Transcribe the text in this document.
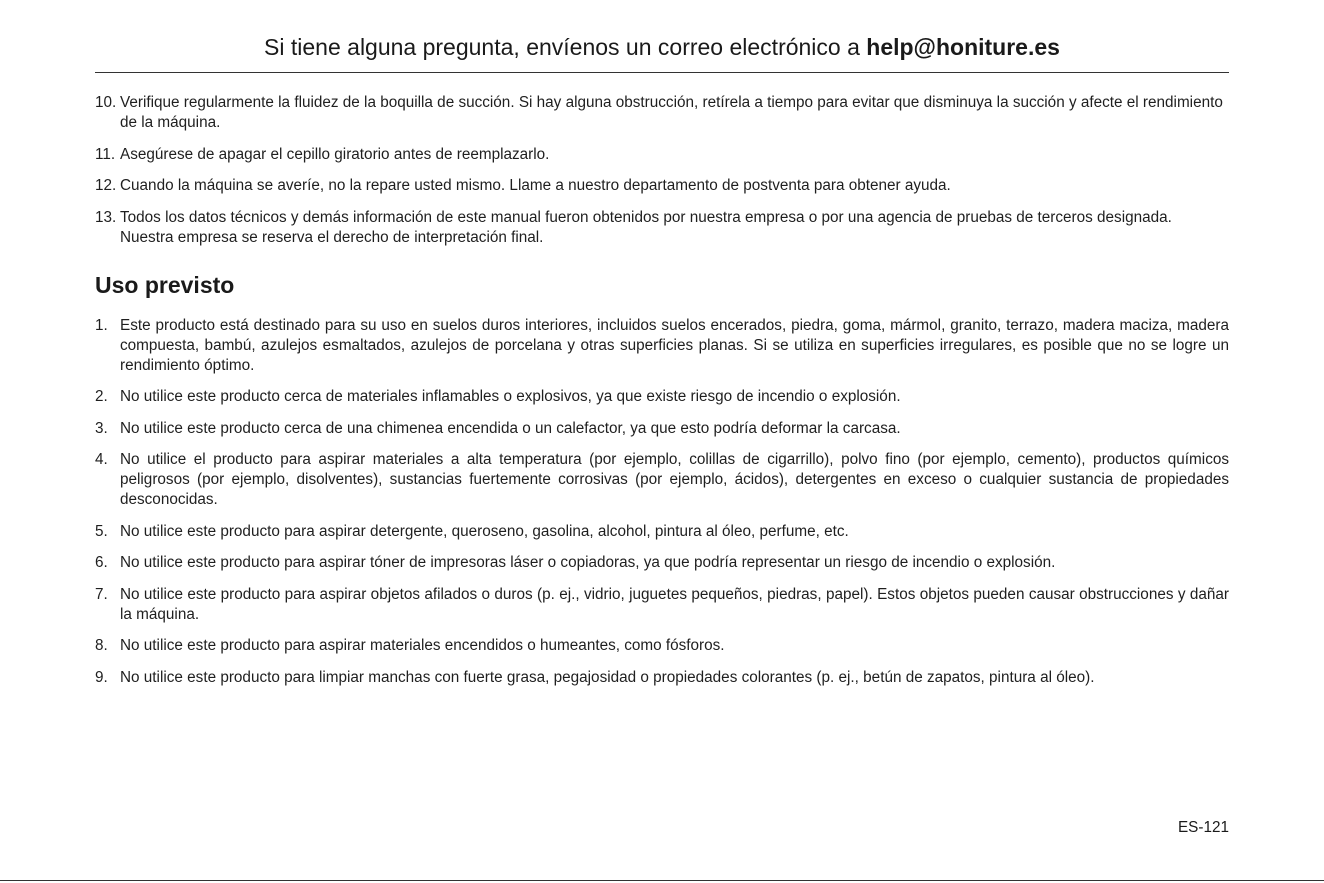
Si tiene alguna pregunta, envíenos un correo electrónico a help@honiture.es
10. Verifique regularmente la fluidez de la boquilla de succión. Si hay alguna obstrucción, retírela a tiempo para evitar que disminuya la succión y afecte el rendimiento de la máquina.
11. Asegúrese de apagar el cepillo giratorio antes de reemplazarlo.
12. Cuando la máquina se averíe, no la repare usted mismo. Llame a nuestro departamento de postventa para obtener ayuda.
13. Todos los datos técnicos y demás información de este manual fueron obtenidos por nuestra empresa o por una agencia de pruebas de terceros designada. Nuestra empresa se reserva el derecho de interpretación final.
Uso previsto
1. Este producto está destinado para su uso en suelos duros interiores, incluidos suelos encerados, piedra, goma, mármol, granito, terrazo, madera maciza, madera compuesta, bambú, azulejos esmaltados, azulejos de porcelana y otras superficies planas. Si se utiliza en superficies irregulares, es posible que no se logre un rendimiento óptimo.
2. No utilice este producto cerca de materiales inflamables o explosivos, ya que existe riesgo de incendio o explosión.
3. No utilice este producto cerca de una chimenea encendida o un calefactor, ya que esto podría deformar la carcasa.
4. No utilice el producto para aspirar materiales a alta temperatura (por ejemplo, colillas de cigarrillo), polvo fino (por ejemplo, cemento), productos químicos peligrosos (por ejemplo, disolventes), sustancias fuertemente corrosivas (por ejemplo, ácidos), detergentes en exceso o cualquier sustancia de propiedades desconocidas.
5. No utilice este producto para aspirar detergente, queroseno, gasolina, alcohol, pintura al óleo, perfume, etc.
6. No utilice este producto para aspirar tóner de impresoras láser o copiadoras, ya que podría representar un riesgo de incendio o explosión.
7. No utilice este producto para aspirar objetos afilados o duros (p. ej., vidrio, juguetes pequeños, piedras, papel). Estos objetos pueden causar obstrucciones y dañar la máquina.
8. No utilice este producto para aspirar materiales encendidos o humeantes, como fósforos.
9. No utilice este producto para limpiar manchas con fuerte grasa, pegajosidad o propiedades colorantes (p. ej., betún de zapatos, pintura al óleo).
ES-121
